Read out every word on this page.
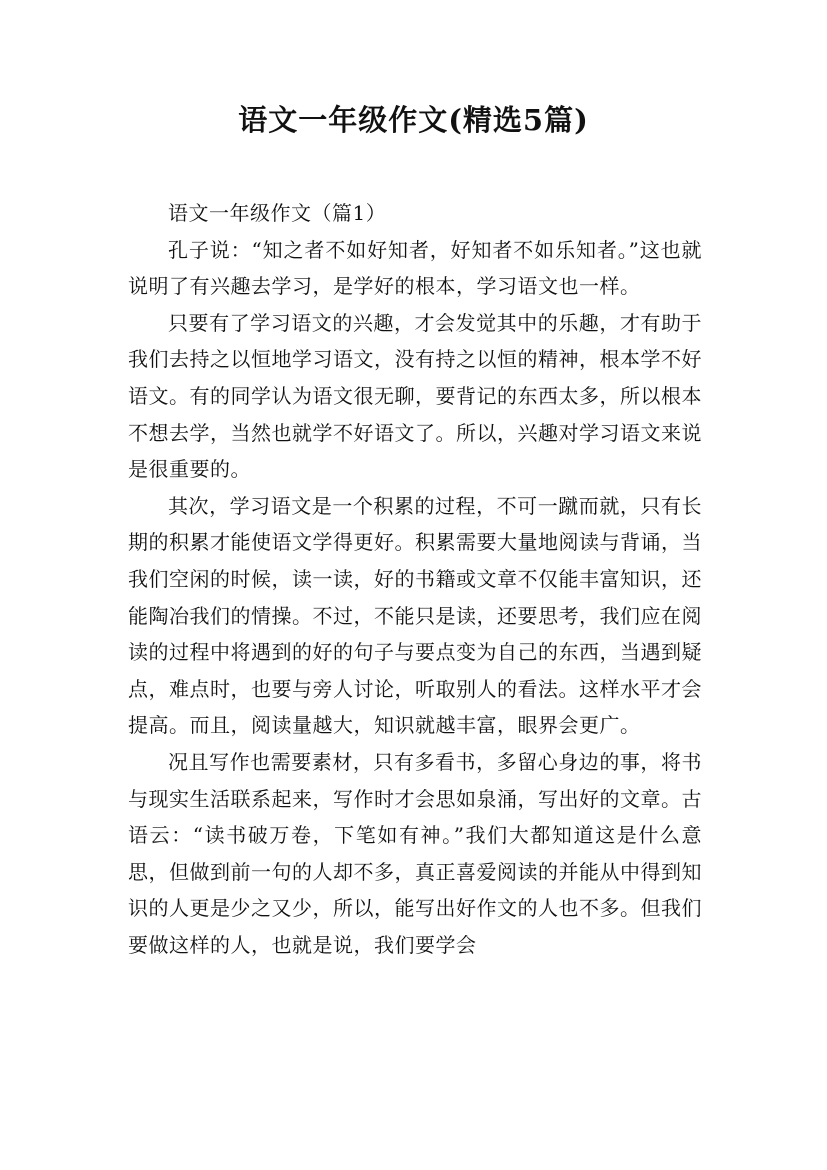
语文一年级作文(精选5篇)

语文一年级作文（篇1）

孔子说：“知之者不如好知者，好知者不如乐知者。”这也就说明了有兴趣去学习，是学好的根本，学习语文也一样。

只要有了学习语文的兴趣，才会发觉其中的乐趣，才有助于我们去持之以恒地学习语文，没有持之以恒的精神，根本学不好语文。有的同学认为语文很无聊，要背记的东西太多，所以根本不想去学，当然也就学不好语文了。所以，兴趣对学习语文来说是很重要的。

其次，学习语文是一个积累的过程，不可一蹴而就，只有长期的积累才能使语文学得更好。积累需要大量地阅读与背诵，当我们空闲的时候，读一读，好的书籍或文章不仅能丰富知识，还能陶冶我们的情操。不过，不能只是读，还要思考，我们应在阅读的过程中将遇到的好的句子与要点变为自己的东西，当遇到疑点，难点时，也要与旁人讨论，听取别人的看法。这样水平才会提高。而且，阅读量越大，知识就越丰富，眼界会更广。

况且写作也需要素材，只有多看书，多留心身边的事，将书与现实生活联系起来，写作时才会思如泉涌，写出好的文章。古语云：“读书破万卷，下笔如有神。”我们大都知道这是什么意思，但做到前一句的人却不多，真正喜爱阅读的并能从中得到知识的人更是少之又少，所以，能写出好作文的人也不多。但我们要做这样的人，也就是说，我们要学会
